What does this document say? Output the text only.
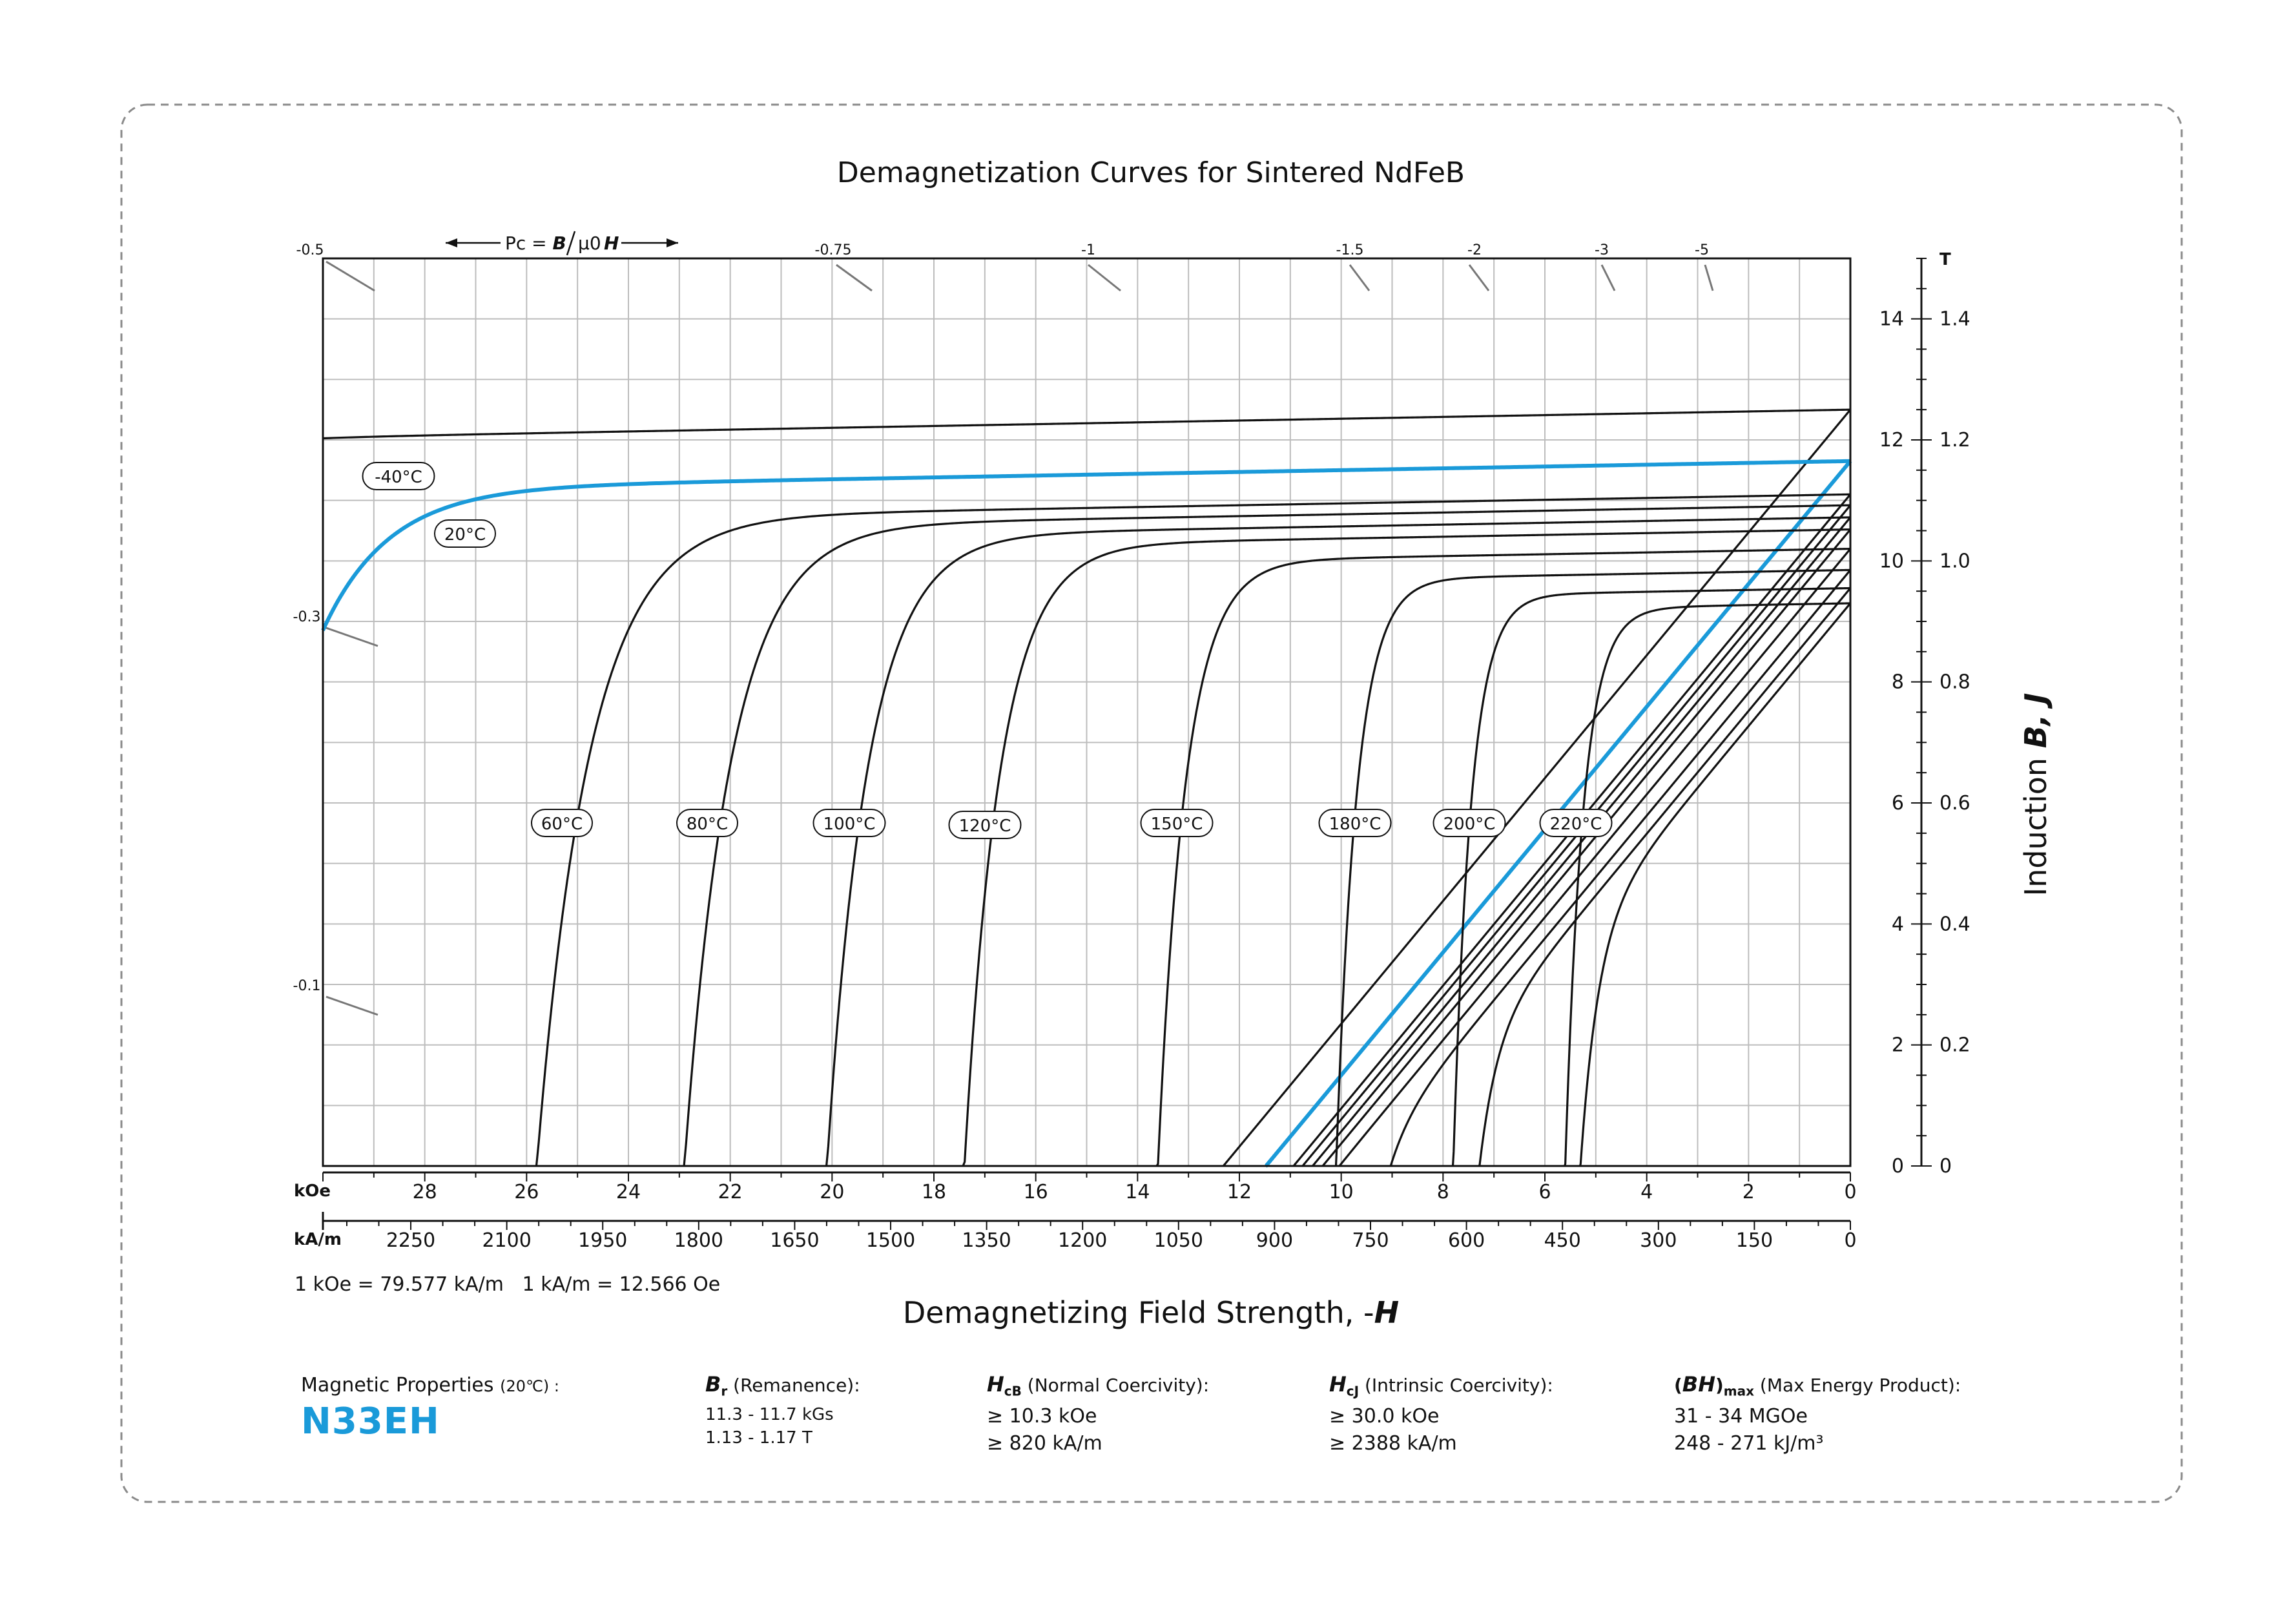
Demagnetization Curves for Sintered NdFeB
-0.5	-0.75	-1	-1.5	-2	-3	-5
-0.3
-0.1
28	26	24	22	20	18	16	14	12	10	8	6	4	2	0
2250 2100 1950 1800 1650 1500 1350 1200 1050	900	750	600	450	300	150	0
0
2
4
6
8
10
12
14
0
0.2
0.4
0.6
0.8
1.0
1.2
1.4
-40°C
20°C
60°C	80°C	100°C	120°C	150°C	180°C	200°C	220°C
Pc = B μ0 H
Demagnetizing Field Strength, -H
Induction B, J
1 kOe = 79.577 kA/m   1 kA/m = 12.566 Oe
kOe
kA/m
T
Magnetic Properties (20℃) :
N33EH
$B_r$ (Remanence):
11.3 - 11.7 kGs
1.13 - 1.17 T
$H_{cB}$ (Normal Coercivity):
≥ 10.3 kOe
≥ 820 kA/m
$H_{cJ}$ (Intrinsic Coercivity):
≥ 30.0 kOe
≥ 2388 kA/m
$(BH)_{max}$ (Max Energy Product):
31 - 34 MGOe
248 - 271 kJ/m³
